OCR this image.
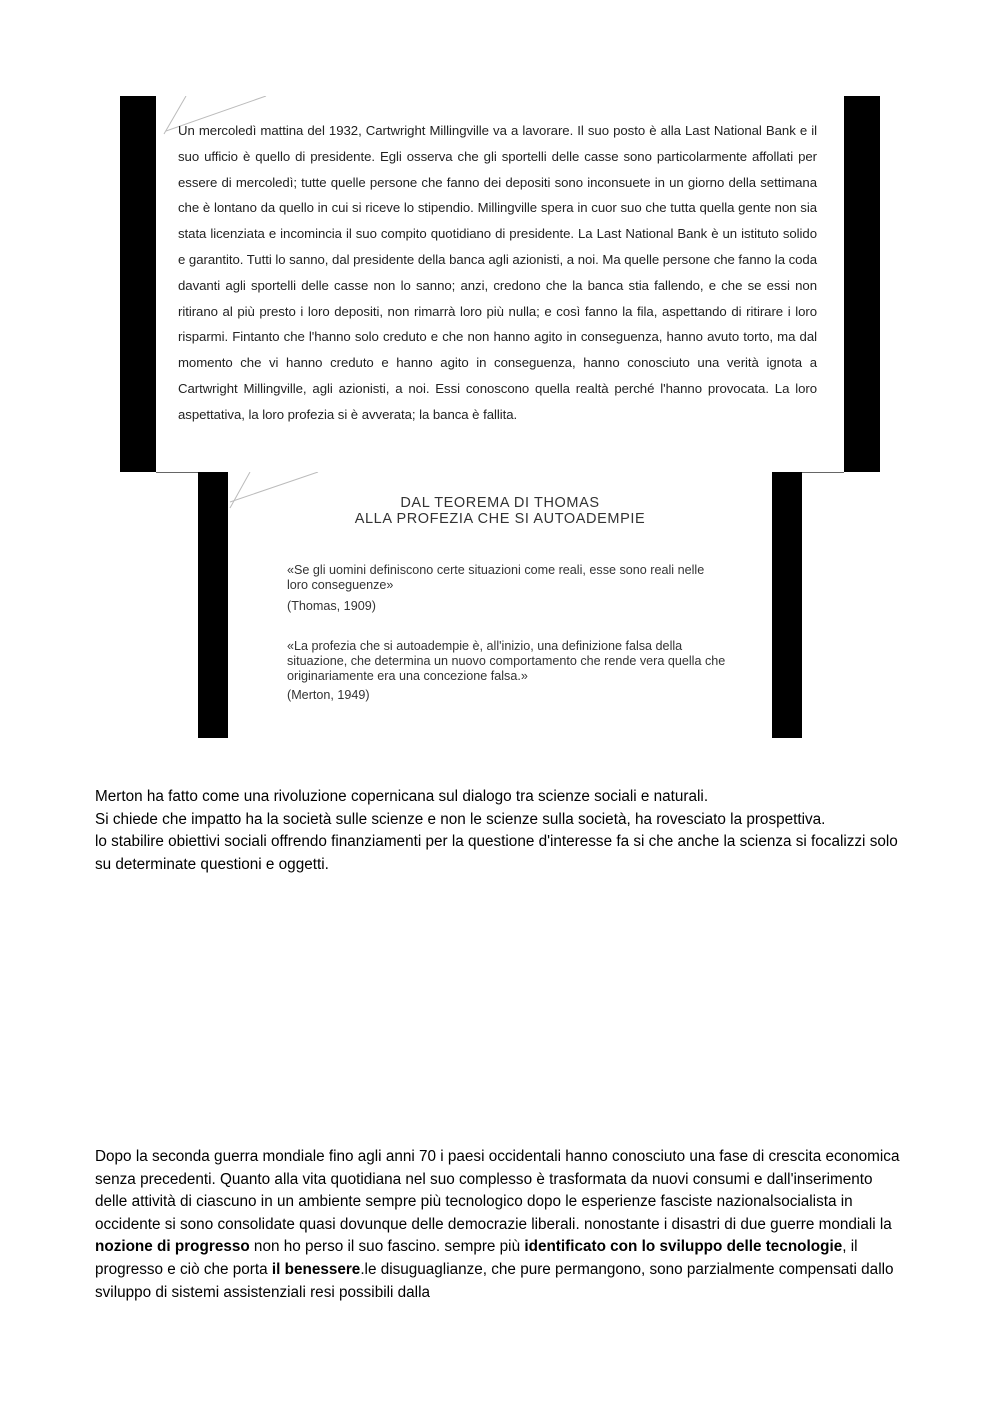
Un mercoledì mattina del 1932, Cartwright Millingville va a lavorare. Il suo posto è alla Last National Bank e il suo ufficio è quello di presidente. Egli osserva che gli sportelli delle casse sono particolarmente affollati per essere di mercoledì; tutte quelle persone che fanno dei depositi sono inconsuete in un giorno della settimana che è lontano da quello in cui si riceve lo stipendio. Millingville spera in cuor suo che tutta quella gente non sia stata licenziata e incomincia il suo compito quotidiano di presidente. La Last National Bank è un istituto solido e garantito. Tutti lo sanno, dal presidente della banca agli azionisti, a noi. Ma quelle persone che fanno la coda davanti agli sportelli delle casse non lo sanno; anzi, credono che la banca stia fallendo, e che se essi non ritirano al più presto i loro depositi, non rimarrà loro più nulla; e così fanno la fila, aspettando di ritirare i loro risparmi. Fintanto che l'hanno solo creduto e che non hanno agito in conseguenza, hanno avuto torto, ma dal momento che vi hanno creduto e hanno agito in conseguenza, hanno conosciuto una verità ignota a Cartwright Millingville, agli azionisti, a noi. Essi conoscono quella realtà perché l'hanno provocata. La loro aspettativa, la loro profezia si è avverata; la banca è fallita.
DAL TEOREMA DI THOMAS
ALLA PROFEZIA CHE SI AUTOADEMPIE
«Se gli uomini definiscono certe situazioni come reali, esse sono reali nelle loro conseguenze»
(Thomas, 1909)
«La profezia che si autoadempie è, all'inizio, una definizione falsa della situazione, che determina un nuovo comportamento che rende vera quella che originariamente era una concezione falsa.»
(Merton, 1949)
Merton ha fatto come una rivoluzione copernicana sul dialogo tra scienze sociali e naturali.
Si chiede che impatto ha la società sulle scienze e non le scienze sulla società, ha rovesciato la prospettiva.
lo stabilire obiettivi sociali offrendo finanziamenti per la questione d'interesse fa si che anche la scienza si focalizzi solo su determinate questioni e oggetti.
Dopo la seconda guerra mondiale fino agli anni 70 i paesi occidentali hanno conosciuto una fase di crescita economica senza precedenti. Quanto alla vita quotidiana nel suo complesso è trasformata da nuovi consumi e dall'inserimento delle attività di ciascuno in un ambiente sempre più tecnologico dopo le esperienze fasciste nazionalsocialista in occidente si sono consolidate quasi dovunque delle democrazie liberali. nonostante i disastri di due guerre mondiali la nozione di progresso non ho perso il suo fascino. sempre più identificato con lo sviluppo delle tecnologie, il progresso e ciò che porta il benessere.le disuguaglianze, che pure permangono, sono parzialmente compensati dallo sviluppo di sistemi assistenziali resi possibili dalla
